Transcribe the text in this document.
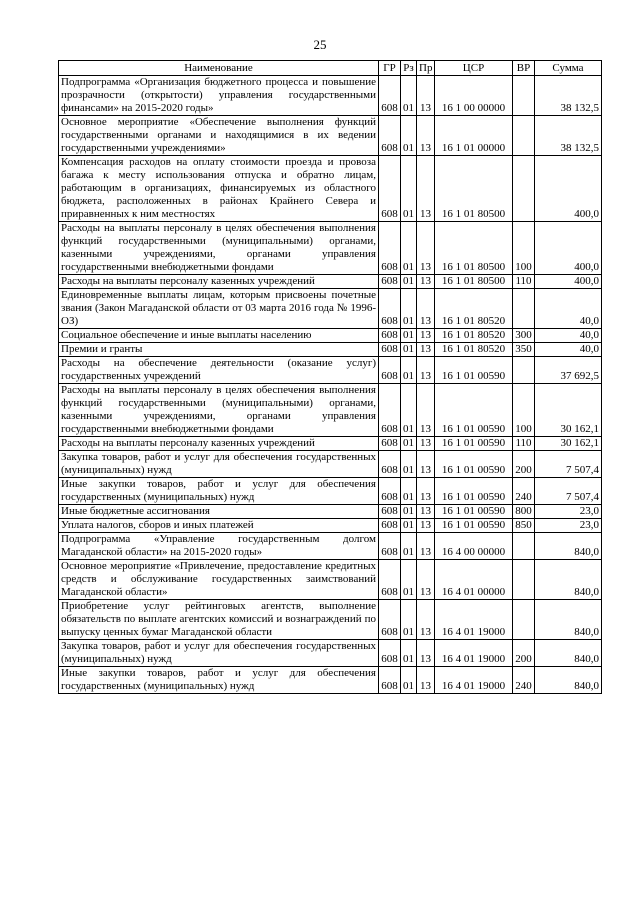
25
Наименование	ГР	Рз	Пр	ЦСР	ВР	Сумма
Подпрограмма «Организация бюджетного процесса и повышение прозрачности (открытости) управления государственными финансами» на 2015-2020 годы»	608	01	13	16 1 00 00000		38 132,5
Основное мероприятие «Обеспечение выполнения функций государственными органами и находящимися в их ведении государственными учреждениями»	608	01	13	16 1 01 00000		38 132,5
Компенсация расходов на оплату стоимости проезда и провоза багажа к месту использования отпуска и обратно лицам, работающим в организациях, финансируемых из областного бюджета, расположенных в районах Крайнего Севера и приравненных к ним местностях	608	01	13	16 1 01 80500		400,0
Расходы на выплаты персоналу в целях обеспечения выполнения функций государственными (муниципальными) органами, казенными учреждениями, органами управления государственными внебюджетными фондами	608	01	13	16 1 01 80500	100	400,0
Расходы на выплаты персоналу казенных учреждений	608	01	13	16 1 01 80500	110	400,0
Единовременные выплаты лицам, которым присвоены почетные звания (Закон Магаданской области от 03 марта 2016 года № 1996-ОЗ)	608	01	13	16 1 01 80520		40,0
Социальное обеспечение и иные выплаты населению	608	01	13	16 1 01 80520	300	40,0
Премии и гранты	608	01	13	16 1 01 80520	350	40,0
Расходы на обеспечение деятельности (оказание услуг) государственных учреждений	608	01	13	16 1 01 00590		37 692,5
Расходы на выплаты персоналу в целях обеспечения выполнения функций государственными (муниципальными) органами, казенными учреждениями, органами управления государственными внебюджетными фондами	608	01	13	16 1 01 00590	100	30 162,1
Расходы на выплаты персоналу казенных учреждений	608	01	13	16 1 01 00590	110	30 162,1
Закупка товаров, работ и услуг для обеспечения государственных (муниципальных) нужд	608	01	13	16 1 01 00590	200	7 507,4
Иные закупки товаров, работ и услуг для обеспечения государственных (муниципальных) нужд	608	01	13	16 1 01 00590	240	7 507,4
Иные бюджетные ассигнования	608	01	13	16 1 01 00590	800	23,0
Уплата налогов, сборов и иных платежей	608	01	13	16 1 01 00590	850	23,0
Подпрограмма «Управление государственным долгом Магаданской области» на 2015-2020 годы»	608	01	13	16 4 00 00000		840,0
Основное мероприятие «Привлечение, предоставление кредитных средств и обслуживание государственных заимствований Магаданской области»	608	01	13	16 4 01 00000		840,0
Приобретение услуг рейтинговых агентств, выполнение обязательств по выплате агентских комиссий и вознаграждений по выпуску ценных бумаг Магаданской области	608	01	13	16 4 01 19000		840,0
Закупка товаров, работ и услуг для обеспечения государственных (муниципальных) нужд	608	01	13	16 4 01 19000	200	840,0
Иные закупки товаров, работ и услуг для обеспечения государственных (муниципальных) нужд	608	01	13	16 4 01 19000	240	840,0
